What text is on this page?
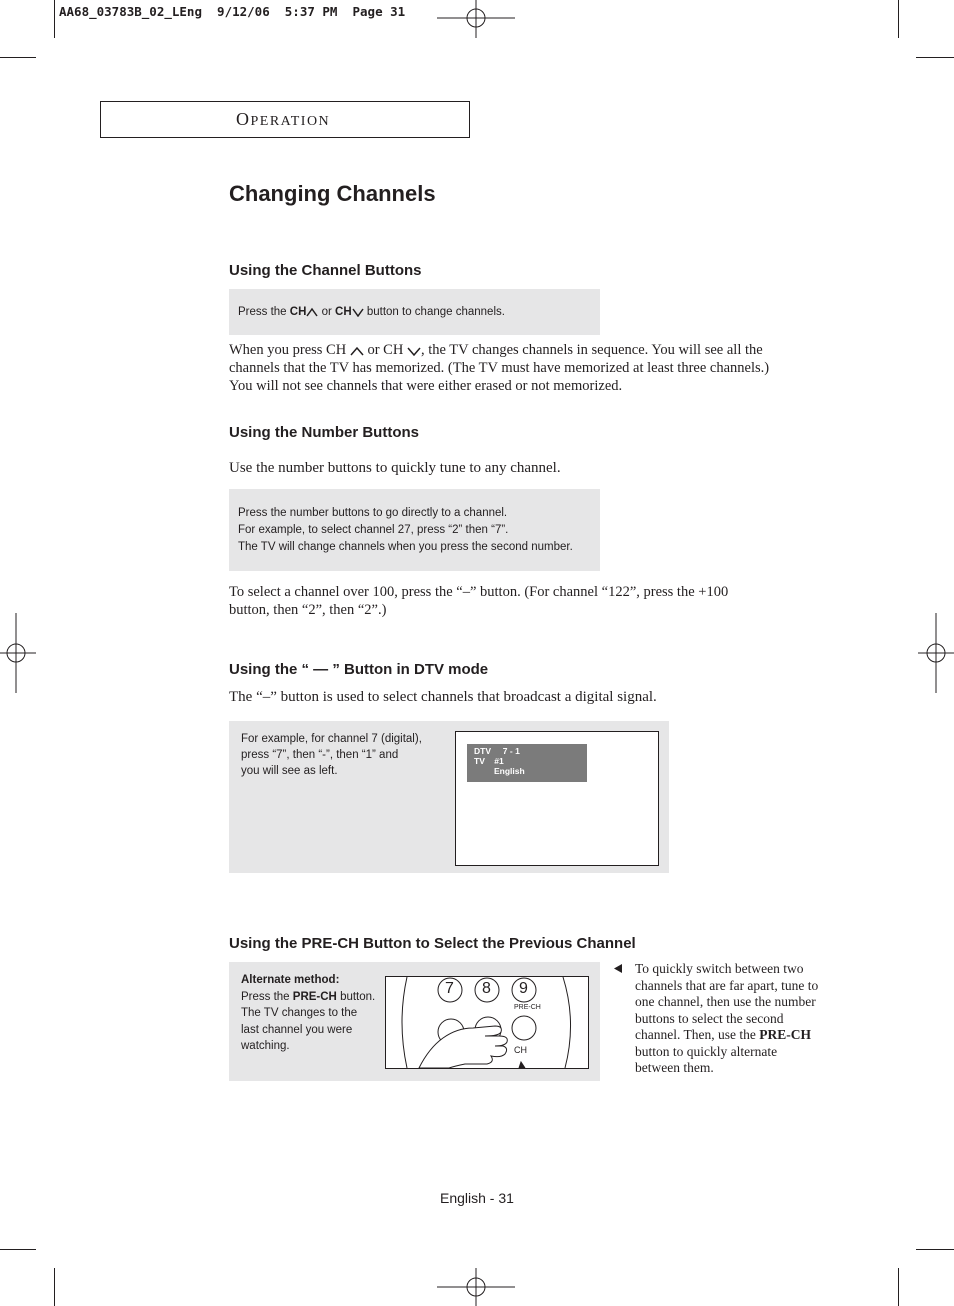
AA68_03783B_02_LEng  9/12/06  5:37 PM  Page 31
OPERATION
Changing Channels
Using the Channel Buttons
Press the CH or CH button to change channels.
When you press CH  or CH , the TV changes channels in sequence. You will see all the
channels that the TV has memorized. (The TV must have memorized at least three channels.)
You will not see channels that were either erased or not memorized.
Using the Number Buttons
Use the number buttons to quickly tune to any channel.
Press the number buttons to go directly to a channel.
For example, to select channel 27, press “2” then “7”.
The TV will change channels when you press the second number.
To select a channel over 100, press the “–” button. (For channel “122”, press the +100
button, then “2”, then “2”.)
Using the “ — ” Button in DTV mode
The “–” button is used to select channels that broadcast a digital signal.
For example, for channel 7 (digital),
press “7”, then “-”, then “1” and
you will see as left.
DTV     7 - 1
TV    #1
English
Using the PRE-CH Button to Select the Previous Channel
Alternate method:
Press the PRE-CH button.
The TV changes to the
last channel you were
watching.
7 8 9
PRE-CH
CH
To quickly switch between two
channels that are far apart, tune to
one channel, then use the number
buttons to select the second
channel. Then, use the PRE-CH
button to quickly alternate
between them.
English - 31
